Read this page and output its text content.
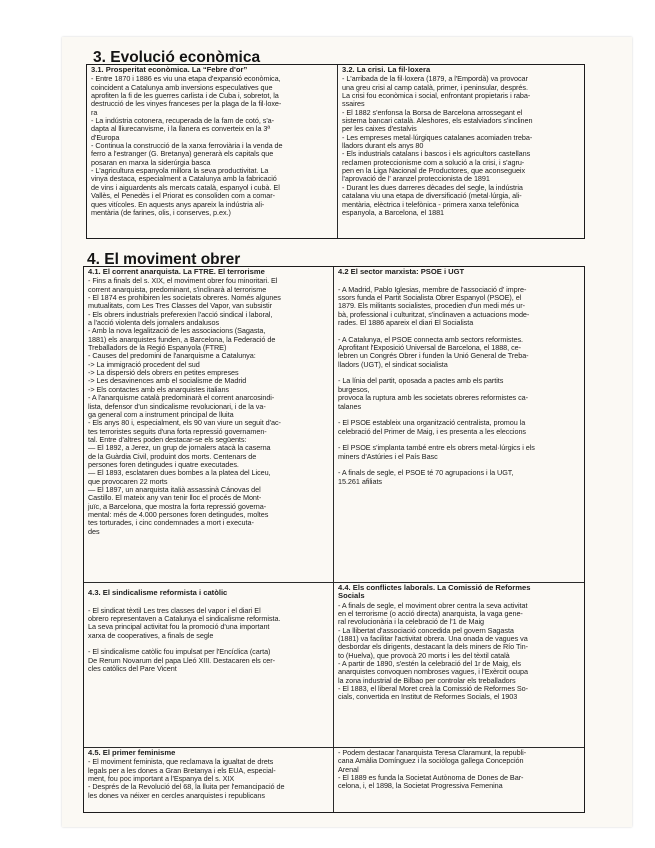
3. Evolució econòmica
3.1. Prosperitat econòmica. La “Febre d'or”
- Entre 1870 i 1886 es viu una etapa d'expansió econòmica,
coincident a Catalunya amb inversions especulatives que
aprofiten la fi de les guerres carlista i de Cuba i, sobretot, la
destrucció de les vinyes franceses per la plaga de la fil·loxe-
ra
- La indústria cotonera, recuperada de la fam de cotó, s'a-
dapta al lliurecanvisme, i la llanera es converteix en la 3ª
d'Europa
- Continua la construcció de la xarxa ferroviària i la venda de
ferro a l'estranger (G. Bretanya) generarà els capitals que
posaran en marxa la siderúrgia basca
- L'agricultura espanyola millora la seva productivitat. La
vinya destaca, especialment a Catalunya amb la fabricació
de vins i aiguardents als mercats català, espanyol i cubà. El
Vallès, el Penedès i el Priorat es consoliden com a comar-
ques vitícoles. En aquests anys apareix la indústria ali-
mentària (de farines, olis, i conserves, p.ex.)
3.2. La crisi. La fil·loxera
- L'arribada de la fil·loxera (1879, a l'Empordà) va provocar
una greu crisi al camp català, primer, i peninsular, després.
La crisi fou econòmica i social, enfrontant propietaris i raba-
ssaires
- El 1882 s'enfonsa la Borsa de Barcelona arrossegant el
sistema bancari català. Aleshores, els estalviadors s'inclinen
per les caixes d'estalvis
- Les empreses metal·lúrgiques catalanes acomiaden treba-
lladors durant els anys 80
- Els industrials catalans i bascos i els agricultors castellans
reclamen proteccionisme com a solució a la crisi, i s'agru-
pen en la Liga Nacional de Productores, que aconsegueix
l'aprovació de l' aranzel proteccionista de 1891
- Durant les dues darreres dècades del segle, la indústria
catalana viu una etapa de diversificació (metal·lúrgia, ali-
mentària, elèctrica i telefònica - primera xarxa telefònica
espanyola, a Barcelona, el 1881
4. El moviment obrer
4.1. El corrent anarquista. La FTRE. El terrorisme
- Fins a finals del s. XIX, el moviment obrer fou minoritari. El
corrent anarquista, predominant, s'inclinarà al terrorisme
- El 1874 es prohibiren les societats obreres. Només algunes
mutualitats, com Les Tres Classes del Vapor, van subsistir
- Els obrers industrials preferexien l'acció sindical i laboral,
a l'acció violenta dels jornalers andalusos
- Amb la nova legalització de les associacions (Sagasta,
1881) els anarquistes funden, a Barcelona, la Federació de
Treballadors de la Regió Espanyola (FTRE)
- Causes del predomini de l'anarquisme a Catalunya:
-> La immigració procedent del sud
-> La dispersió dels obrers en petites empreses
-> Les desavinences amb el socialisme de Madrid
-> Els contactes amb els anarquistes italians
- A l'anarquisme català predominarà el corrent anarcosindi-
lista, defensor d'un sindicalisme revolucionari, i de la va-
ga general com a instrument principal de lluita
- Els anys 80 i, especialment, els 90 van viure un seguit d'ac-
tes terroristes seguits d'una forta repressió governamen-
tal. Entre d'altres poden destacar-se els següents:
— El 1892, a Jerez, un grup de jornalers atacà la caserna
de la Guàrdia Civil, produint dos morts. Centenars de
persones foren detingudes i quatre executades.
— El 1893, esclataren dues bombes a la platea del Liceu,
que provocaren 22 morts
— El 1897, un anarquista italià assassinà Cánovas del
Castillo. El mateix any van tenir lloc el procés de Mont-
juïc, a Barcelona, que mostra la forta repressió governa-
mental: més de 4.000 persones foren detingudes, moltes
tes torturades, i cinc condemnades a mort i executa-
des
4.2 El sector marxista: PSOE i UGT

- A Madrid, Pablo Iglesias, membre de l'associació d' impre-
ssors funda el Partit Socialista Obrer Espanyol (PSOE), el
1879. Els militants socialistes, procedien d'un medi més ur-
bà, professional i culturitzat, s'inclinaven a actuacions mode-
rades. El 1886 apareix el diari El Socialista

- A Catalunya, el PSOE connecta amb sectors reformistes.
Aprofitant l'Exposició Universal de Barcelona, el 1888, ce-
lebren un Congrés Obrer i funden la Unió General de Treba-
lladors (UGT), el sindicat socialista

- La línia del partit, oposada a pactes amb els partits
burgesos,
provoca la ruptura amb les societats obreres reformistes ca-
talanes

- El PSOE estableix una organització centralista, promou la
celebració del Primer de Maig, i es presenta a les eleccions

- El PSOE s'implanta també entre els obrers metal·lúrgics i els
miners d'Astúries i el País Basc

- A finals de segle, el PSOE té 70 agrupacions i la UGT,
15.261 afiliats
4.3. El sindicalisme reformista i catòlic

- El sindicat tèxtil Les tres classes del vapor i el diari El
obrero representaven a Catalunya el sindicalisme reformista.
La seva principal activitat fou la promoció d'una important
xarxa de cooperatives, a finals de segle

- El sindicalisme catòlic fou impulsat per l'Encíclica (carta)
De Rerum Novarum del papa Lleó XIII. Destacaren els cer-
cles catòlics del Pare Vicent
4.4. Els conflictes laborals. La Comissió de Reformes
Socials
- A finals de segle, el moviment obrer centra la seva activitat
en el terrorisme (o acció directa) anarquista, la vaga gene-
ral revolucionària i la celebració de l'1 de Maig
- La llibertat d'associació concedida pel govern Sagasta
(1881) va facilitar l'activitat obrera. Una onada de vagues va
desbordar els dirigents, destacant la dels miners de Río Tin-
to (Huelva), que provocà 20 morts i les del tèxtil català
- A partir de 1890, s'estén la celebració del 1r de Maig, els
anarquistes convoquen nombroses vagues, i l'Exèrcit ocupa
la zona industrial de Bilbao per controlar els treballadors
- El 1883, el liberal Moret creà la Comissió de Reformes So-
cials, convertida en Institut de Reformes Socials, el 1903
4.5. El primer feminisme
- El moviment feminista, que reclamava la igualtat de drets
legals per a les dones a Gran Bretanya i els EUA, especial-
ment, fou poc important a l'Espanya del s. XIX
- Després de la Revolució del 68, la lluita per l'emancipació de
les dones va néixer en cercles anarquistes i republicans
- Podem destacar l'anarquista Teresa Claramunt, la republi-
cana Amàlia Domínguez i la sociòloga gallega Concepción
Arenal
- El 1889 es funda la Societat Autònoma de Dones de Bar-
celona, i, el 1898, la Societat Progressiva Femenina
